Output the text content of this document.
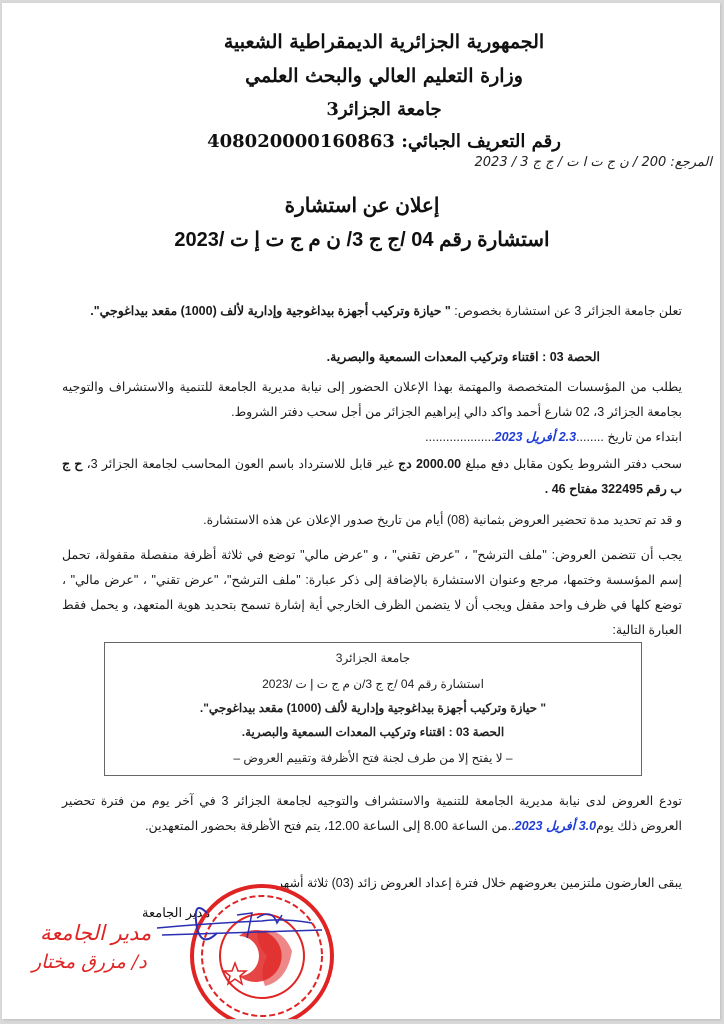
الجمهورية الجزائرية الديمقراطية الشعبية
وزارة التعليم العالي والبحث العلمي
جامعة الجزائر3
رقم التعريف الجبائي: 408020000160863
المرجع: 200 / ن ج ت ا ت / ج ج 3 / 2023
إعلان عن استشارة
استشارة رقم 04 /ج ج 3/ ن م ج ت إ ت /2023
تعلن جامعة الجزائر 3 عن استشارة بخصوص: " حيازة وتركيب أجهزة بيداغوجية وإدارية لألف (1000) مقعد بيداغوجي".
الحصة 03 : اقتناء وتركيب المعدات السمعية والبصرية.
يطلب من المؤسسات المتخصصة والمهتمة بهذا الإعلان الحضور إلى نيابة مديرية الجامعة للتنمية والاستشراف والتوجيه بجامعة الجزائر 3، 02 شارع أحمد واكد دالي إبراهيم الجزائر من أجل سحب دفتر الشروط.
ابتداء من تاريخ ........2.3 أفريل 2023....................
سحب دفتر الشروط يكون مقابل دفع مبلغ 2000.00 دج غير قابل للاسترداد باسم العون المحاسب لجامعة الجزائر 3، ح ج ب رقم 322495 مفتاح 46 .
و قد تم تحديد مدة تحضير العروض بثمانية (08) أيام من تاريخ صدور الإعلان عن هذه الاستشارة.
يجب أن تتضمن العروض: "ملف الترشح" ، "عرض تقني" ، و "عرض مالي" توضع في ثلاثة أظرفة منفصلة مقفولة، تحمل إسم المؤسسة وختمها، مرجع وعنوان الاستشارة بالإضافة إلى ذكر عبارة: "ملف الترشح"، "عرض تقني" ، "عرض مالي" ، توضع كلها في ظرف واحد مقفل ويجب أن لا يتضمن الظرف الخارجي أية إشارة تسمح بتحديد هوية المتعهد، و يحمل فقط العبارة التالية:
جامعة الجزائر3
استشارة رقم 04 /ج ج 3/ن م ج ت إ ت /2023
" حيازة وتركيب أجهزة بيداغوجية وإدارية لألف (1000) مقعد بيداغوجي".
الحصة 03 : اقتناء وتركيب المعدات السمعية والبصرية.
– لا يفتح إلا من طرف لجنة فتح الأظرفة وتقييم العروض –
تودع العروض لدى نيابة مديرية الجامعة للتنمية والاستشراف والتوجيه لجامعة الجزائر 3 في آخر يوم من فترة تحضير العروض ذلك يوم3.0 أفريل 2023..من الساعة 8.00 إلى الساعة 12.00، يتم فتح الأظرفة بحضور المتعهدين.
يبقى العارضون ملتزمين بعروضهم خلال فترة إعداد العروض زائد (03) ثلاثة أشهر.
مدير الجامعة
مدير الجامعة
د/ مزرق مختار
